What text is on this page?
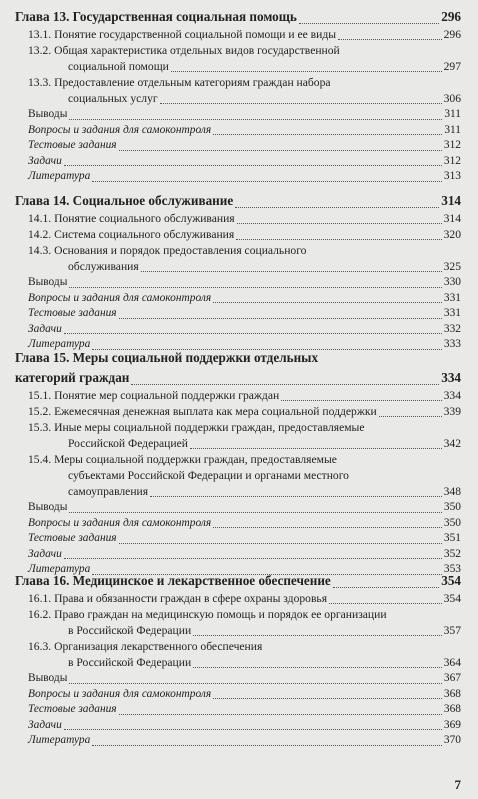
Глава 13. Государственная социальная помощь	296
13.1. Понятие государственной социальной помощи и ее виды	296
13.2. Общая характеристика отдельных видов государственной
социальной помощи	297
13.3. Предоставление отдельным категориям граждан набора
социальных услуг	306
Выводы	311
Вопросы и задания для самоконтроля	311
Тестовые задания	312
Задачи	312
Литература	313
Глава 14. Социальное обслуживание	314
14.1. Понятие социального обслуживания	314
14.2. Система социального обслуживания	320
14.3. Основания и порядок предоставления социального
обслуживания	325
Выводы	330
Вопросы и задания для самоконтроля	331
Тестовые задания	331
Задачи	332
Литература	333
Глава 15. Меры социальной поддержки отдельных
категорий граждан	334
15.1. Понятие мер социальной поддержки граждан	334
15.2. Ежемесячная денежная выплата как мера социальной поддержки	339
15.3. Иные меры социальной поддержки граждан, предоставляемые
Российской Федерацией	342
15.4. Меры социальной поддержки граждан, предоставляемые
субъектами Российской Федерации и органами местного
самоуправления	348
Выводы	350
Вопросы и задания для самоконтроля	350
Тестовые задания	351
Задачи	352
Литература	353
Глава 16. Медицинское и лекарственное обеспечение	354
16.1. Права и обязанности граждан в сфере охраны здоровья	354
16.2. Право граждан на медицинскую помощь и порядок ее организации
в Российской Федерации	357
16.3. Организация лекарственного обеспечения
в Российской Федерации	364
Выводы	367
Вопросы и задания для самоконтроля	368
Тестовые задания	368
Задачи	369
Литература	370
7
